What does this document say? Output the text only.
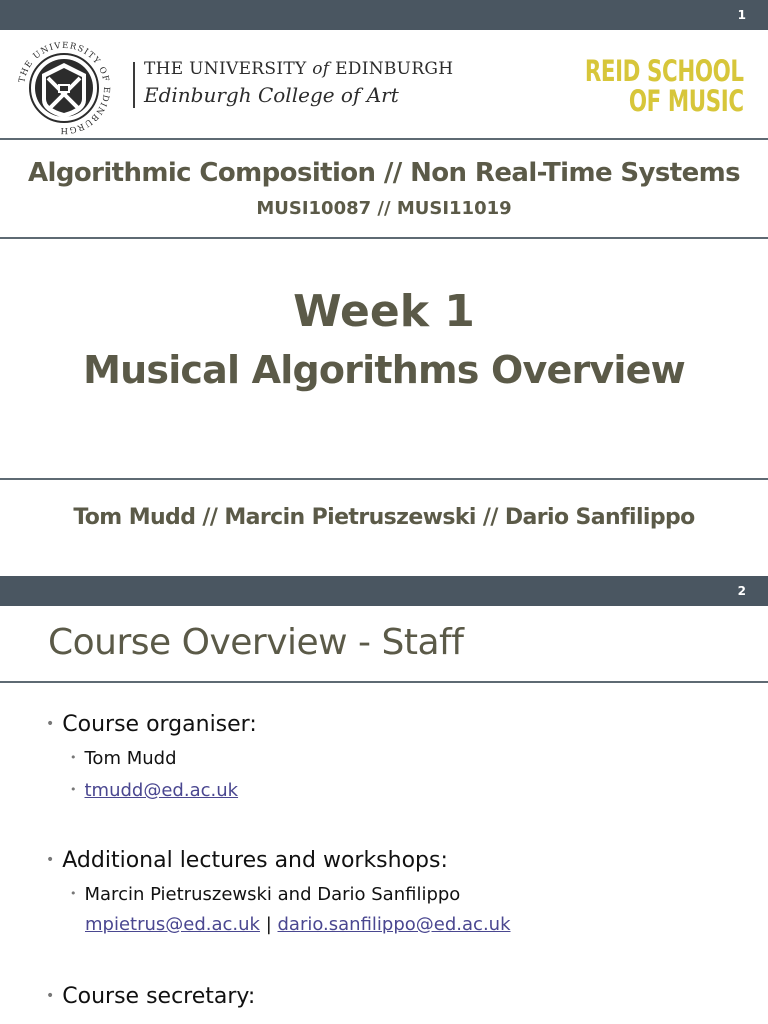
1
THE UNIVERSITY OF EDINBURGH
THE UNIVERSITY of EDINBURGH
Edinburgh College of Art
REID SCHOOL
OF MUSIC
Algorithmic Composition // Non Real-Time Systems
MUSI10087 // MUSI11019
Week 1
Musical Algorithms Overview
Tom Mudd // Marcin Pietruszewski // Dario Sanfilippo
2
Course Overview - Staff
• Course organiser:
• Tom Mudd
• tmudd@ed.ac.uk
• Additional lectures and workshops:
• Marcin Pietruszewski and Dario Sanfilippo
mpietrus@ed.ac.uk | dario.sanfilippo@ed.ac.uk
• Course secretary:
